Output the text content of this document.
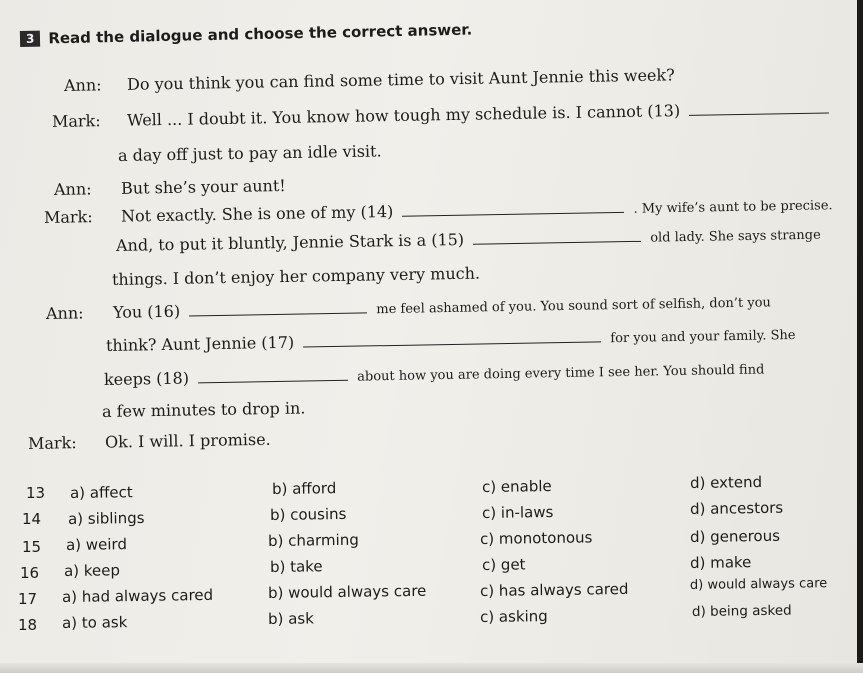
3 Read the dialogue and choose the correct answer.
Ann: Do you think you can find some time to visit Aunt Jennie this week?
Mark: Well ... I doubt it. You know how tough my schedule is. I cannot (13)
a day off just to pay an idle visit.
Ann: But she’s your aunt!
Mark: Not exactly. She is one of my (14)	. My wife’s aunt to be precise.
And, to put it bluntly, Jennie Stark is a (15)	old lady. She says strange
things. I don’t enjoy her company very much.
Ann: You (16)	me feel ashamed of you. You sound sort of selfish, don’t you
think? Aunt Jennie (17)	for you and your family. She
keeps (18)	about how you are doing every time I see her. You should find
a few minutes to drop in.
Mark: Ok. I will. I promise.
13 a) affect	b) afford	c) enable	d) extend
14 a) siblings	b) cousins	c) in-laws	d) ancestors
15 a) weird	b) charming	c) monotonous	d) generous
16 a) keep	b) take	c) get	d) make
17 a) had always cared	b) would always care	c) has always cared	d) would always care
18 a) to ask	b) ask	c) asking	d) being asked
